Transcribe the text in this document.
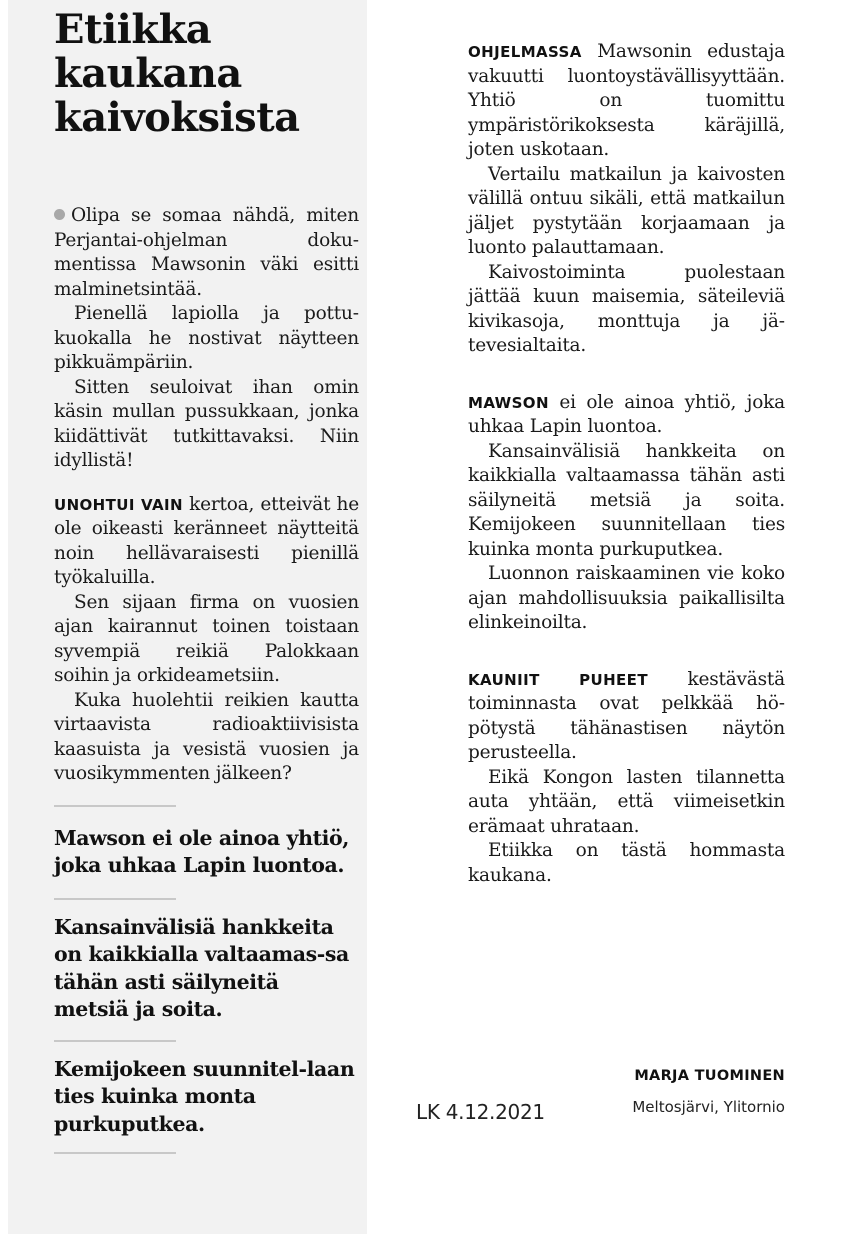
Etiikka
kaukana
kaivoksista

Olipa se somaa nähdä, miten Perjantai-ohjelman dokumentissa Mawsonin väki esitti malminetsintää.

Pienellä lapiolla ja pottukuokalla he nostivat näytteen pikkuämpäriin.

Sitten seuloivat ihan omin käsin mullan pussukkaan, jonka kiidättivät tutkittavaksi. Niin idyllistä!

UNOHTUI VAIN kertoa, etteivät he ole oikeasti keränneet näytteitä noin hellävaraisesti pienillä työkaluilla.

Sen sijaan firma on vuosien ajan kairannut toinen toistaan syvempiä reikiä Palokkaan soihin ja orkideametsiin.

Kuka huolehtii reikien kautta virtaavista radioaktiivisista kaasuista ja vesistä vuosien ja vuosikymmenten jälkeen?

Mawson ei ole ainoa yhtiö, joka uhkaa Lapin luontoa.

Kansainvälisiä hankkeita on kaikkialla valtaamas-sa tähän asti säilyneitä metsiä ja soita.

Kemijokeen suunnitel-laan ties kuinka monta purkuputkea.

OHJELMASSA Mawsonin edustaja vakuutti luontoystävällisyyttään. Yhtiö on tuomittu ympäristörikoksesta käräjillä, joten uskotaan.

Vertailu matkailun ja kaivosten välillä ontuu sikäli, että matkailun jäljet pystytään korjaamaan ja luonto palauttamaan.

Kaivostoiminta puolestaan jättää kuun maisemia, säteileviä kivikasoja, monttuja ja jätevesialtaita.

MAWSON ei ole ainoa yhtiö, joka uhkaa Lapin luontoa.

Kansainvälisiä hankkeita on kaikkialla valtaamassa tähän asti säilyneitä metsiä ja soita. Kemijokeen suunnitellaan ties kuinka monta purkuputkea.

Luonnon raiskaaminen vie koko ajan mahdollisuuksia paikallisilta elinkeinoilta.

KAUNIIT PUHEET kestävästä toiminnasta ovat pelkkää höpötystä tähänastisen näytön perusteella.

Eikä Kongon lasten tilannetta auta yhtään, että viimeisetkin erämaat uhrataan.

Etiikka on tästä hommasta kaukana.

MARJA TUOMINEN
Meltosjärvi, Ylitornio
LK 4.12.2021
